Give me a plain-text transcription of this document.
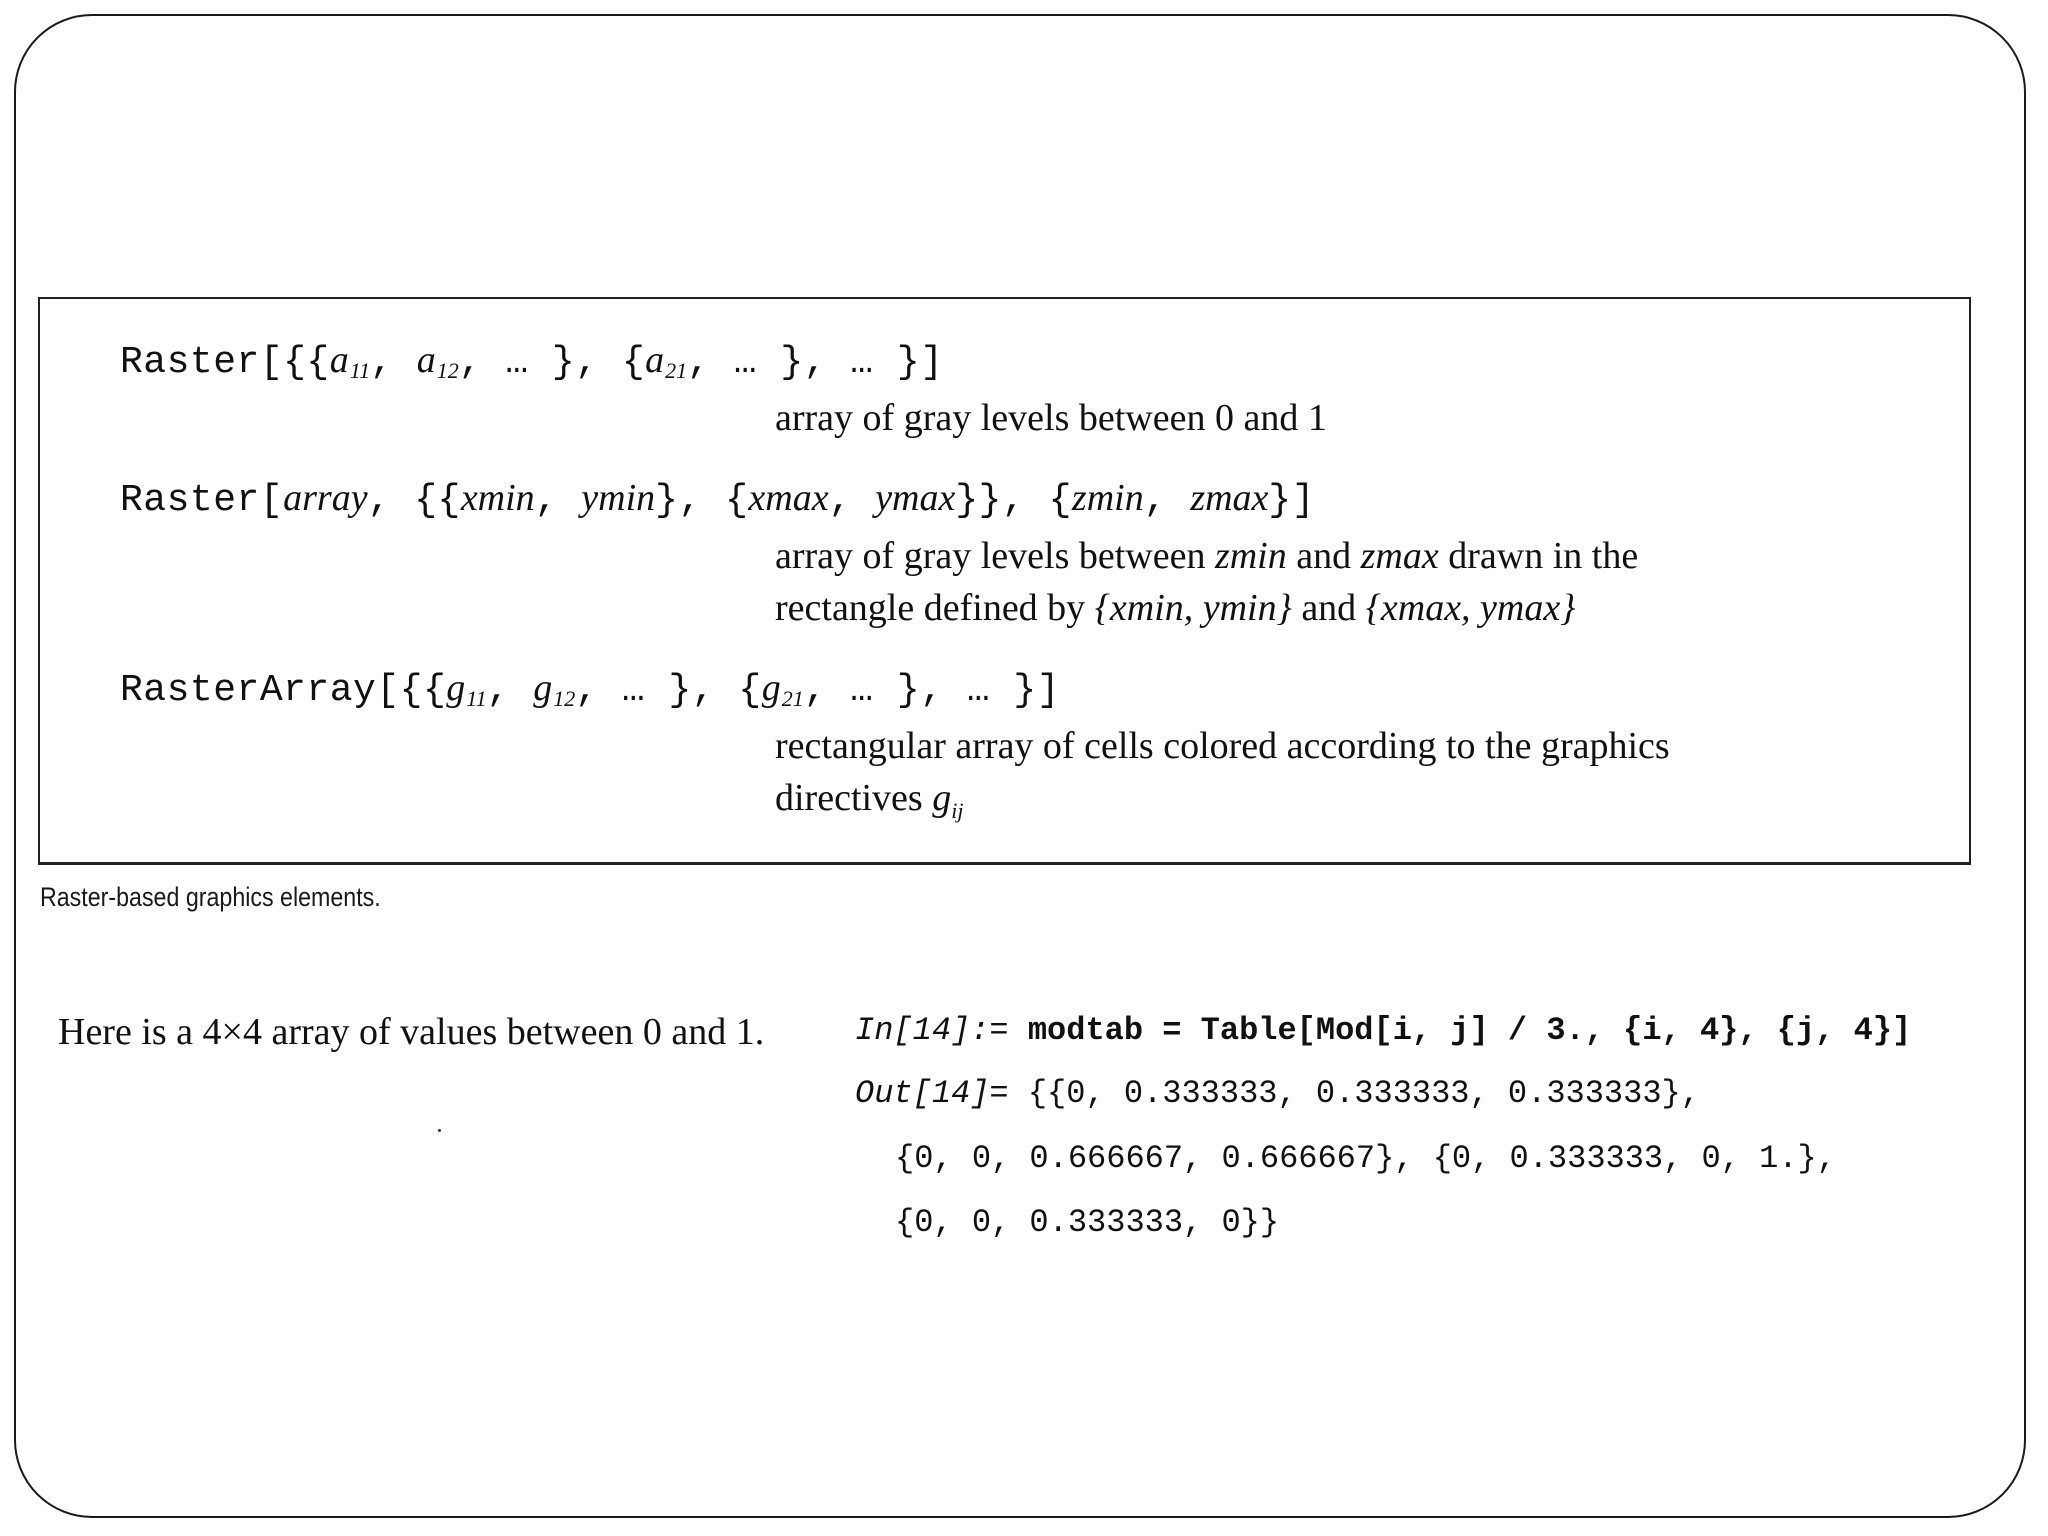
$Raster[\{\{a_{11}$, $a_{12}$, … }, {$a_{21}$, … }, … }]
array of gray levels between 0 and 1
Raster[array, {{xmin, ymin}, {xmax, ymax}}, {zmin, zmax}]
array of gray levels between zmin and zmax drawn in the
rectangle defined by {xmin, ymin} and {xmax, ymax}
$RasterArray[\{\{g_{11}$, $g_{12}$, … }, {$g_{21}$, … }, … }]
rectangular array of cells colored according to the graphics
directives $g_{ij}$
Raster-based graphics elements.
Here is a 4×4 array of values between 0 and 1.	In[14]:= modtab = Table[Mod[i, j] / 3., {i, 4}, {j, 4}]
Out[14]= {{0, 0.333333, 0.333333, 0.333333},
{0, 0, 0.666667, 0.666667}, {0, 0.333333, 0, 1.},
{0, 0, 0.333333, 0}}
